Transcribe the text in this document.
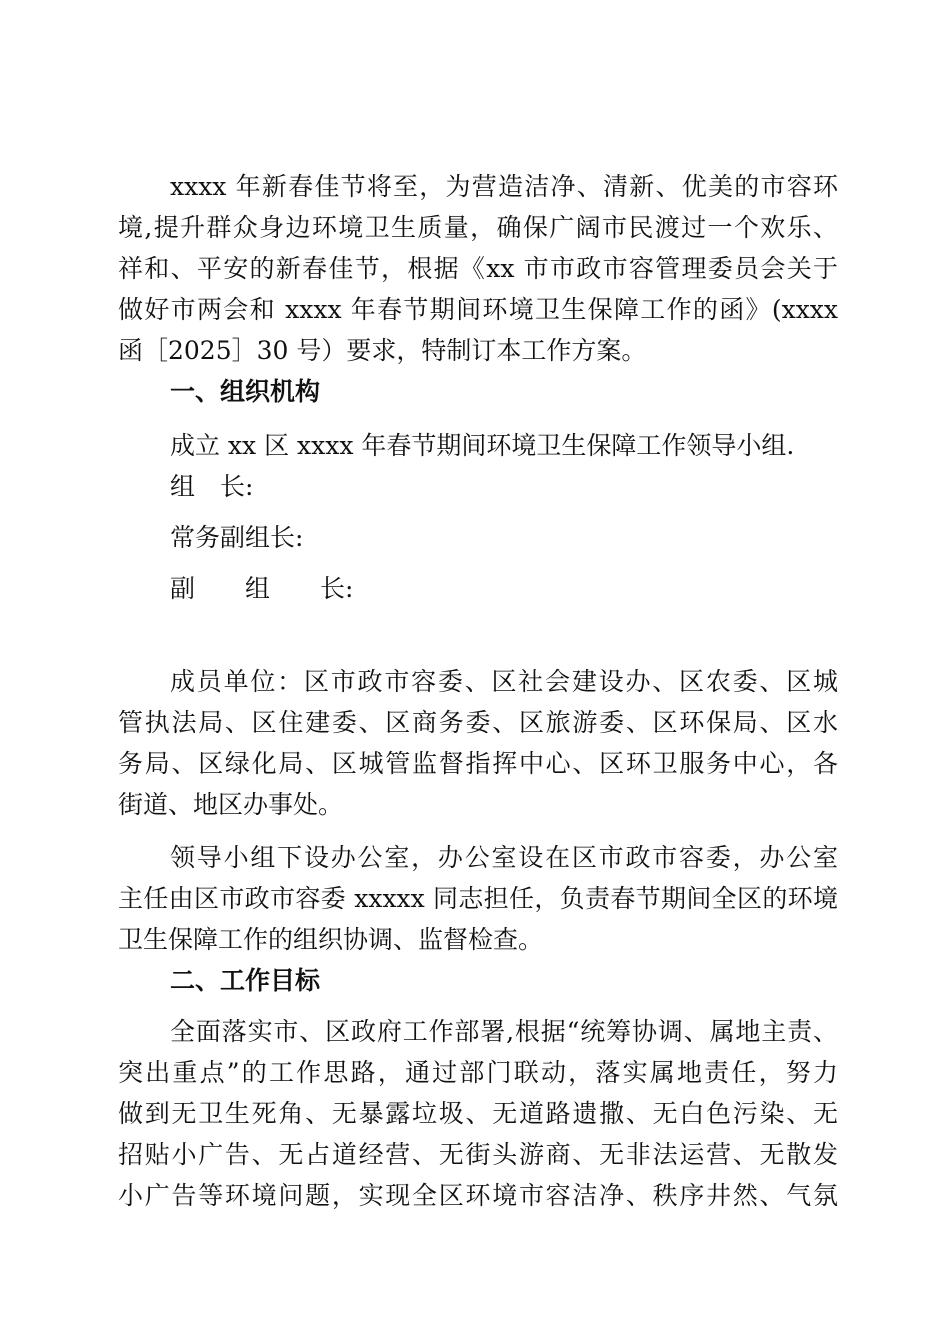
xxxx 年新春佳节将至，为营造洁净、清新、优美的市容环
境,提升群众身边环境卫生质量，确保广阔市民渡过一个欢乐、
祥和、平安的新春佳节，根据《xx 市市政市容管理委员会关于
做好市两会和 xxxx 年春节期间环境卫生保障工作的函》(xxxx
函［2025］30 号）要求，特制订本工作方案。
一、组织机构
成立 xx 区 xxxx 年春节期间环境卫生保障工作领导小组.
组　长:
常务副组长:
副　　组　　长:
成员单位：区市政市容委、区社会建设办、区农委、区城
管执法局、区住建委、区商务委、区旅游委、区环保局、区水
务局、区绿化局、区城管监督指挥中心、区环卫服务中心，各
街道、地区办事处。
领导小组下设办公室，办公室设在区市政市容委，办公室
主任由区市政市容委 xxxxx 同志担任，负责春节期间全区的环境
卫生保障工作的组织协调、监督检查。
二、工作目标
全面落实市、区政府工作部署,根据“统筹协调、属地主责、
突出重点”的工作思路，通过部门联动，落实属地责任，努力
做到无卫生死角、无暴露垃圾、无道路遗撒、无白色污染、无
招贴小广告、无占道经营、无街头游商、无非法运营、无散发
小广告等环境问题，实现全区环境市容洁净、秩序井然、气氛
